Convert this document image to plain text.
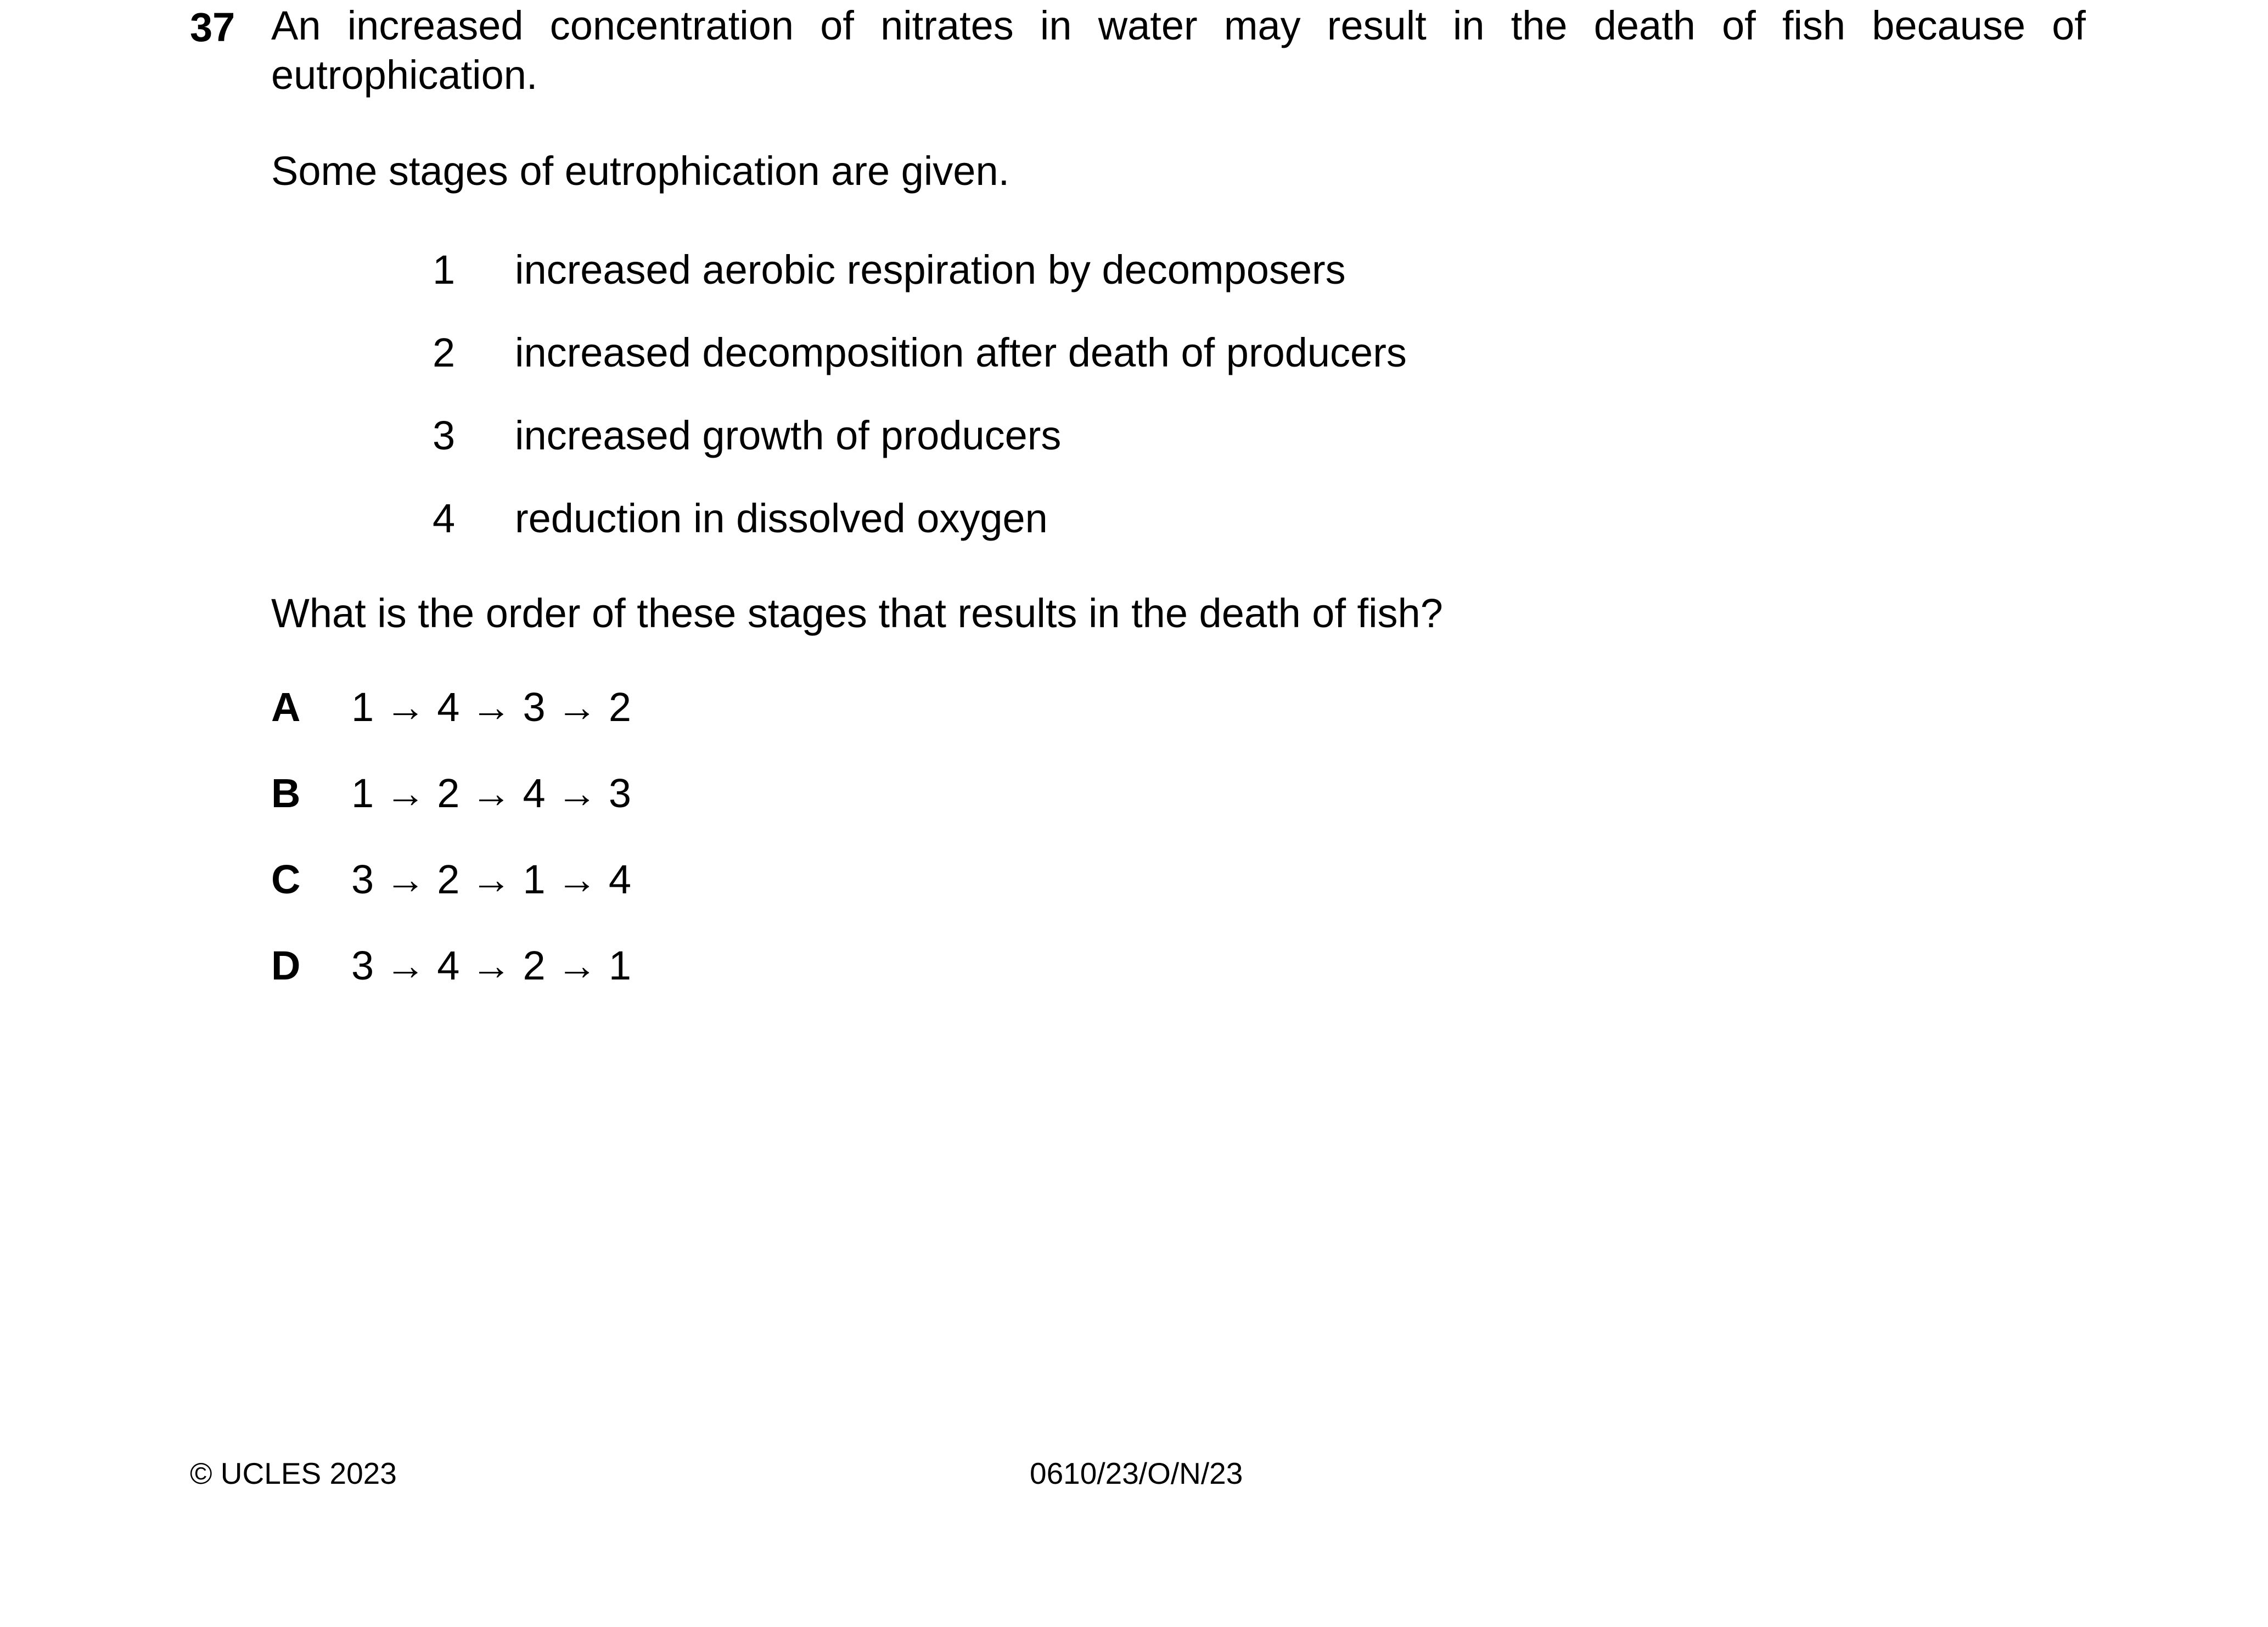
37 An increased concentration of nitrates in water may result in the death of fish because of
eutrophication.
Some stages of eutrophication are given.
1 increased aerobic respiration by decomposers
2 increased decomposition after death of producers
3 increased growth of producers
4 reduction in dissolved oxygen
What is the order of these stages that results in the death of fish?
A 1 → 4 → 3 → 2
B 1 → 2 → 4 → 3
C 3 → 2 → 1 → 4
D 3 → 4 → 2 → 1
© UCLES 2023	0610/23/O/N/23
